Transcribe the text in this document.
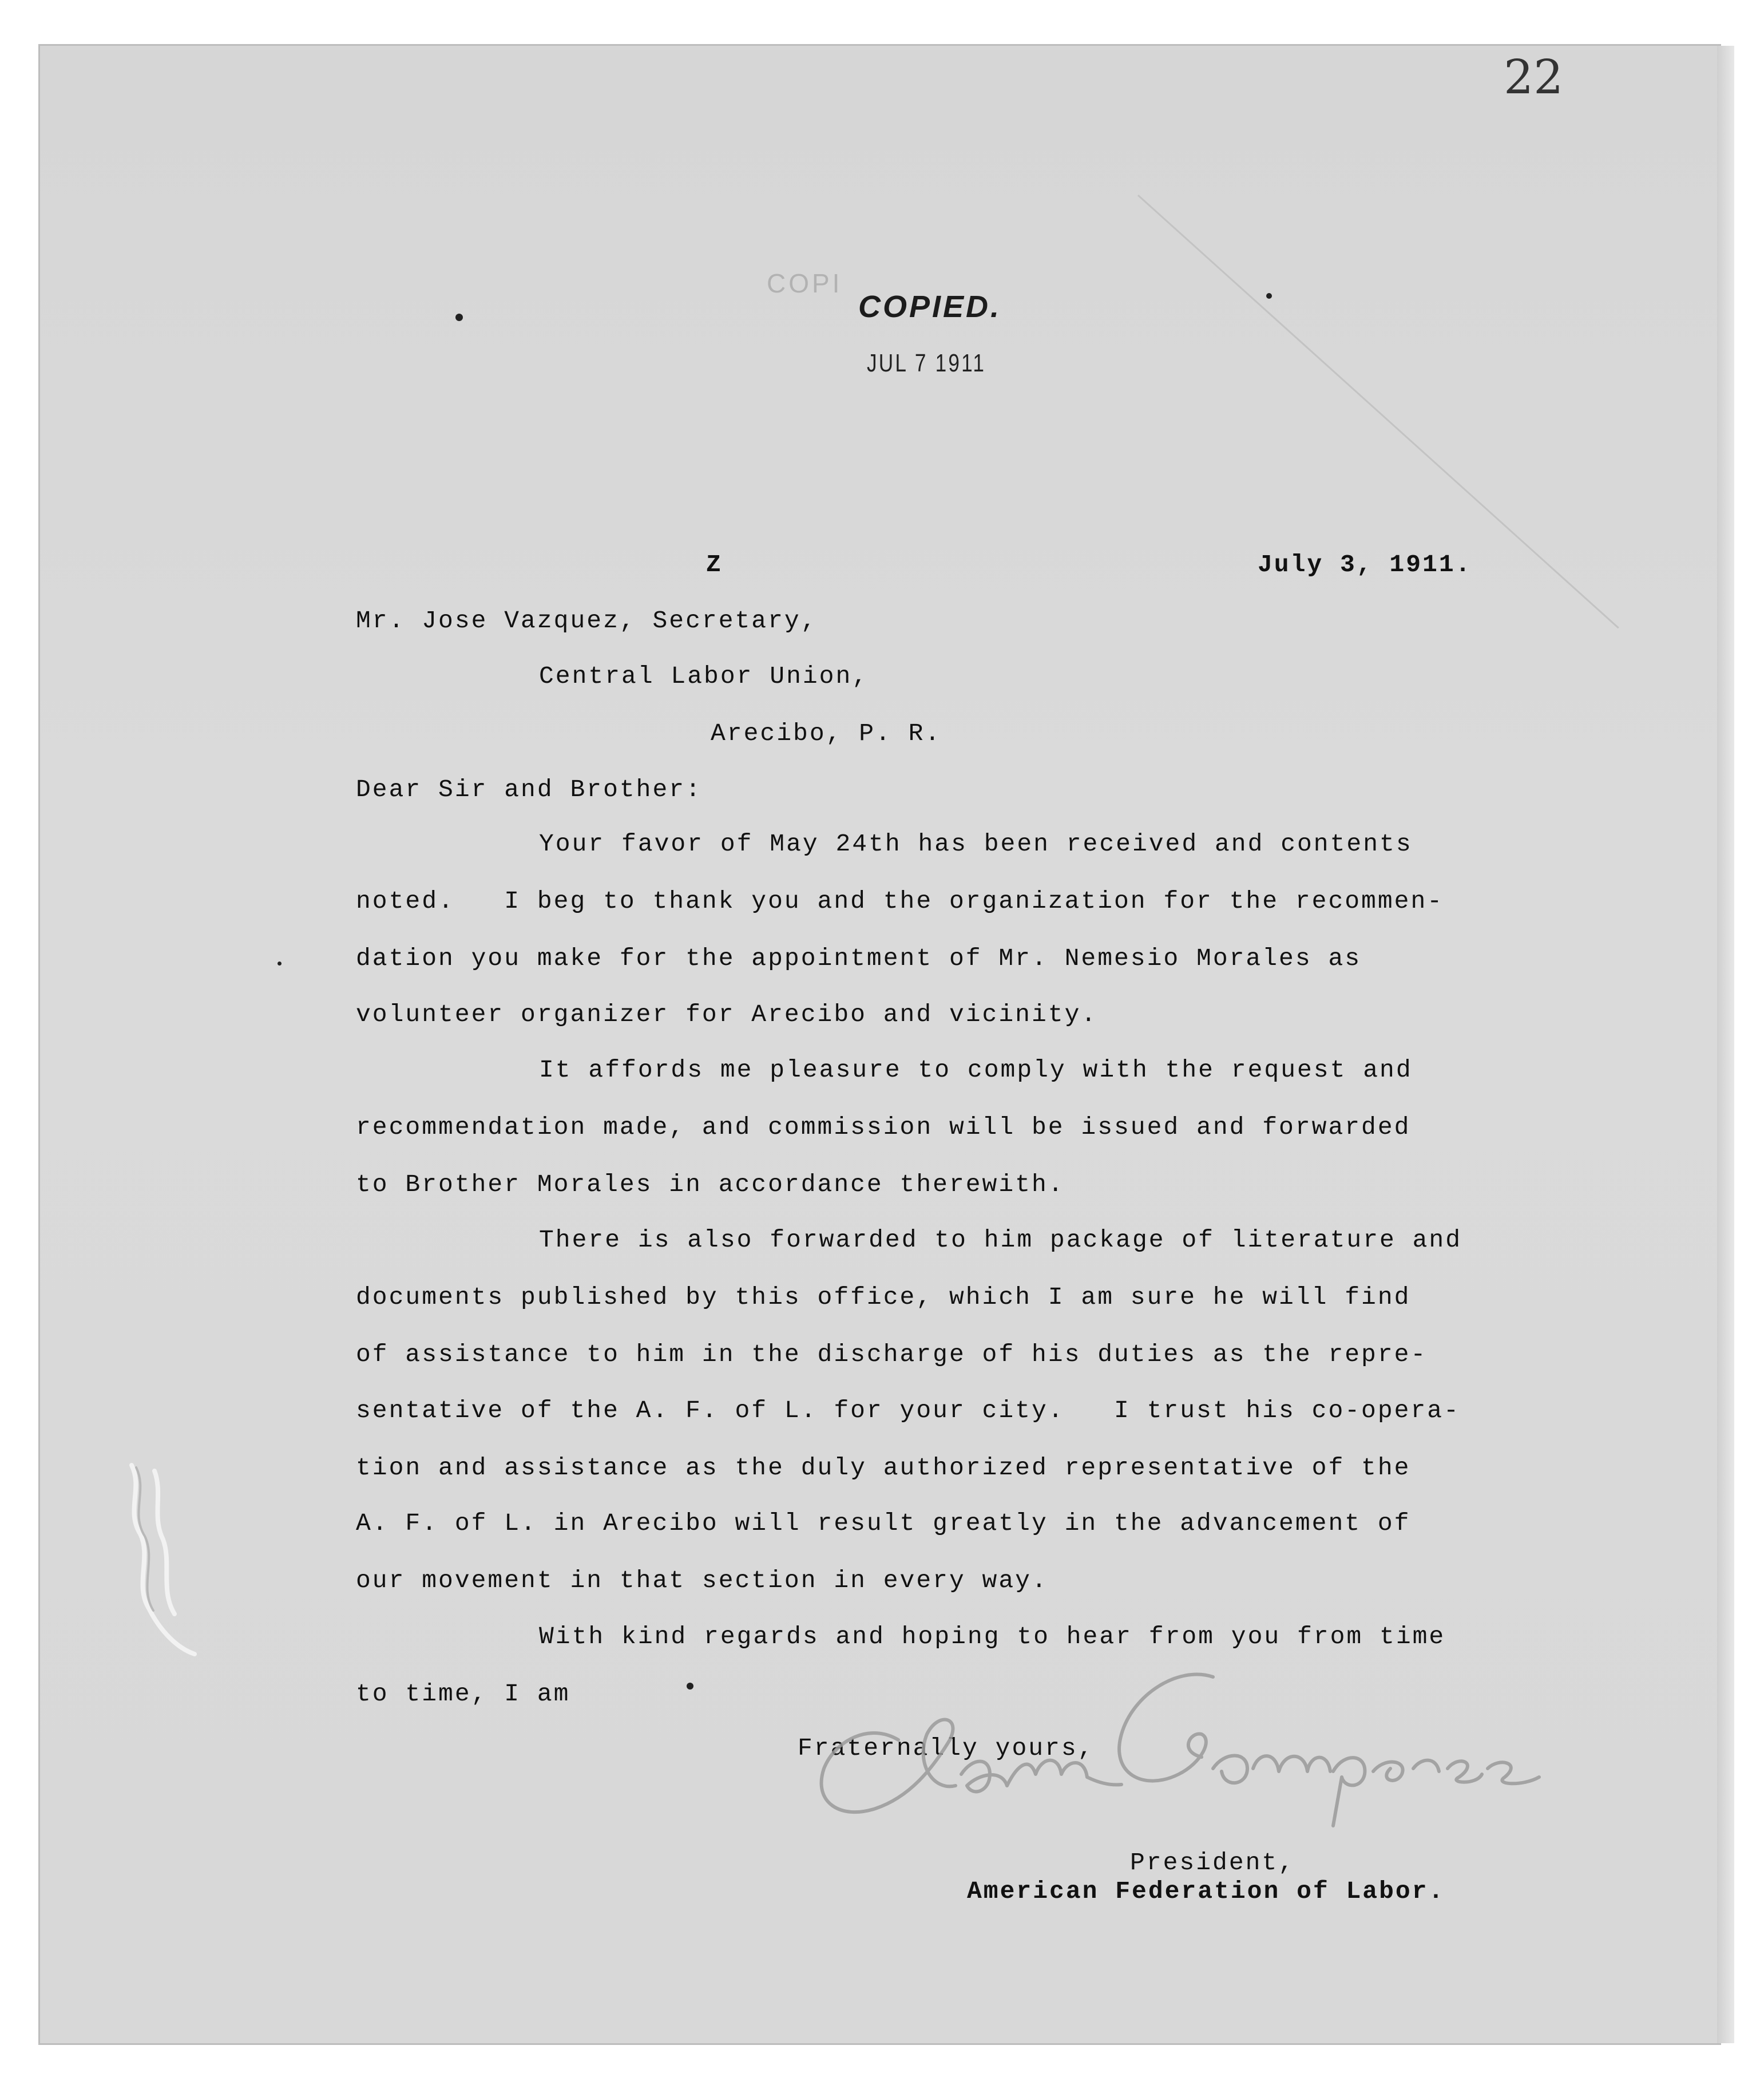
22
COPI
COPIED.
JUL 7 1911
Z	July 3, 1911.
Mr. Jose Vazquez, Secretary,
Central Labor Union,
Arecibo, P. R.
Dear Sir and Brother:
Your favor of May 24th has been received and contents
noted.   I beg to thank you and the organization for the recommen-
dation you make for the appointment of Mr. Nemesio Morales as
volunteer organizer for Arecibo and vicinity.
It affords me pleasure to comply with the request and
recommendation made, and commission will be issued and forwarded
to Brother Morales in accordance therewith.
There is also forwarded to him package of literature and
documents published by this office, which I am sure he will find
of assistance to him in the discharge of his duties as the repre-
sentative of the A. F. of L. for your city.   I trust his co-opera-
tion and assistance as the duly authorized representative of the
A. F. of L. in Arecibo will result greatly in the advancement of
our movement in that section in every way.
With kind regards and hoping to hear from you from time
to time, I am
Fraternally yours,
President,
American Federation of Labor.
